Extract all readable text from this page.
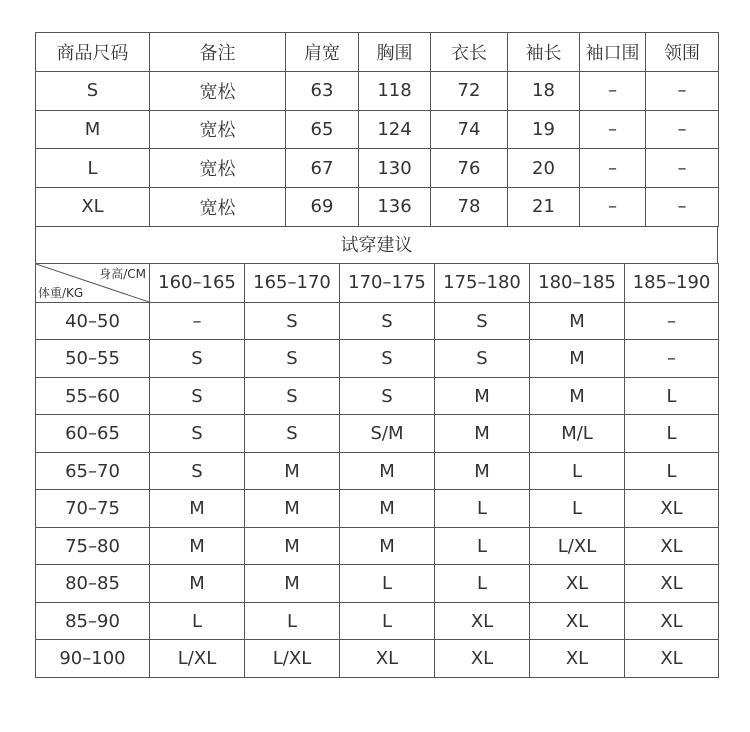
商品尺码	备注	肩宽	胸围	衣长	袖长	袖口围	领围
S	宽松	63	118	72	18	–	–
M	宽松	65	124	74	19	–	–
L	宽松	67	130	76	20	–	–
XL	宽松	69	136	78	21	–	–
试穿建议
身高/CM
体重/KG	160–165	165–170	170–175	175–180	180–185	185–190
40–50	–	S	S	S	M	–
50–55	S	S	S	S	M	–
55–60	S	S	S	M	M	L
60–65	S	S	S/M	M	M/L	L
65–70	S	M	M	M	L	L
70–75	M	M	M	L	L	XL
75–80	M	M	M	L	L/XL	XL
80–85	M	M	L	L	XL	XL
85–90	L	L	L	XL	XL	XL
90–100	L/XL	L/XL	XL	XL	XL	XL
